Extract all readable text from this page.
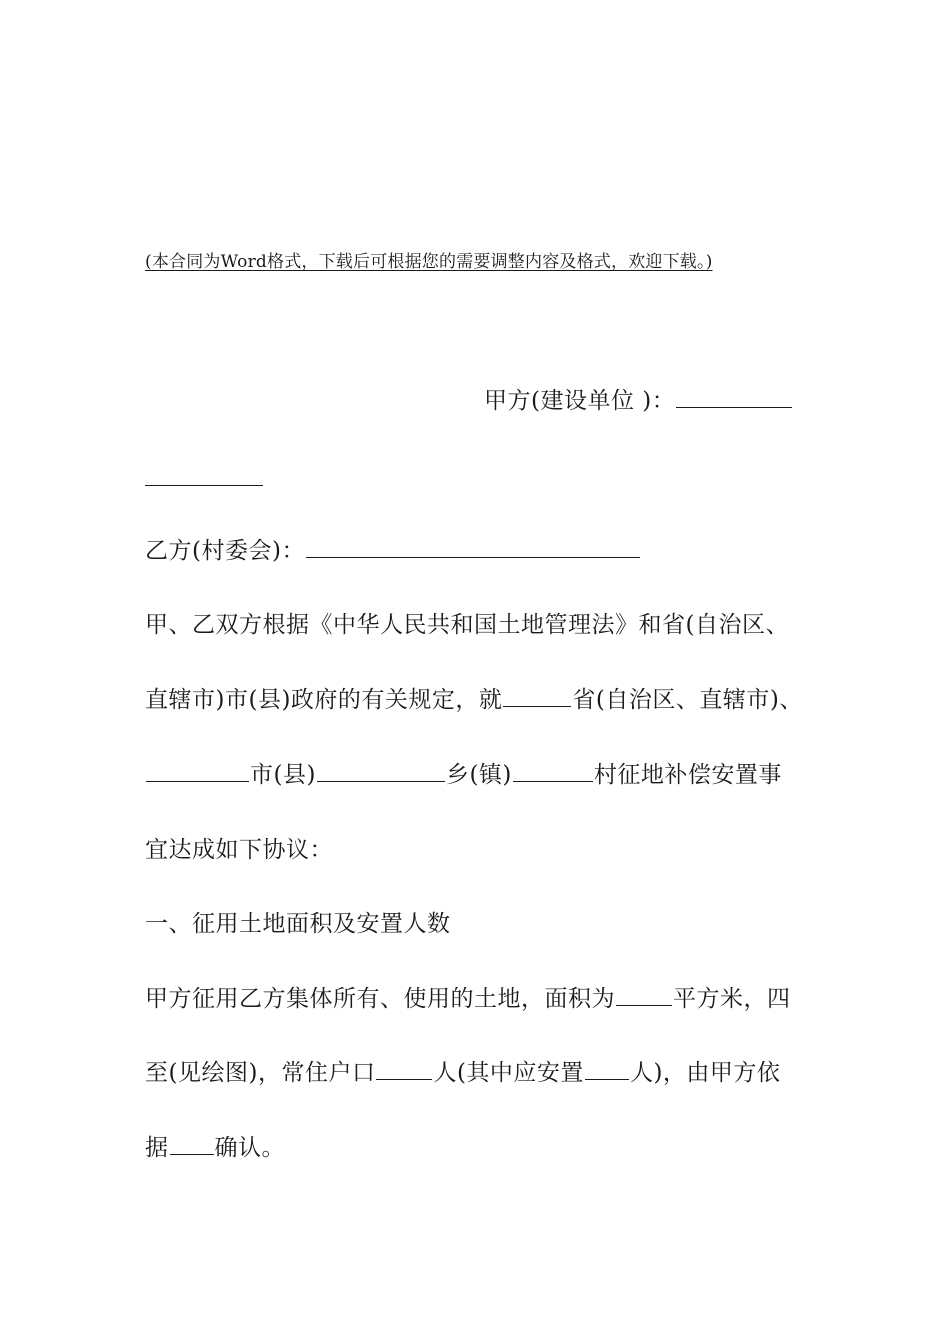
(本合同为Word格式，下载后可根据您的需要调整内容及格式，欢迎下载。)
甲方(建设单位 )：
乙方(村委会)：
甲、乙双方根据《中华人民共和国土地管理法》和省(自治区、
直辖市)市(县)政府的有关规定，就	省(自治区、直辖市)、
市(县)	乡(镇)	村征地补偿安置事
宜达成如下协议：
一、征用土地面积及安置人数
甲方征用乙方集体所有、使用的土地，面积为	平方米，四
至(见绘图)，常住户口	人(其中应安置 人)，由甲方依
据 确认。
